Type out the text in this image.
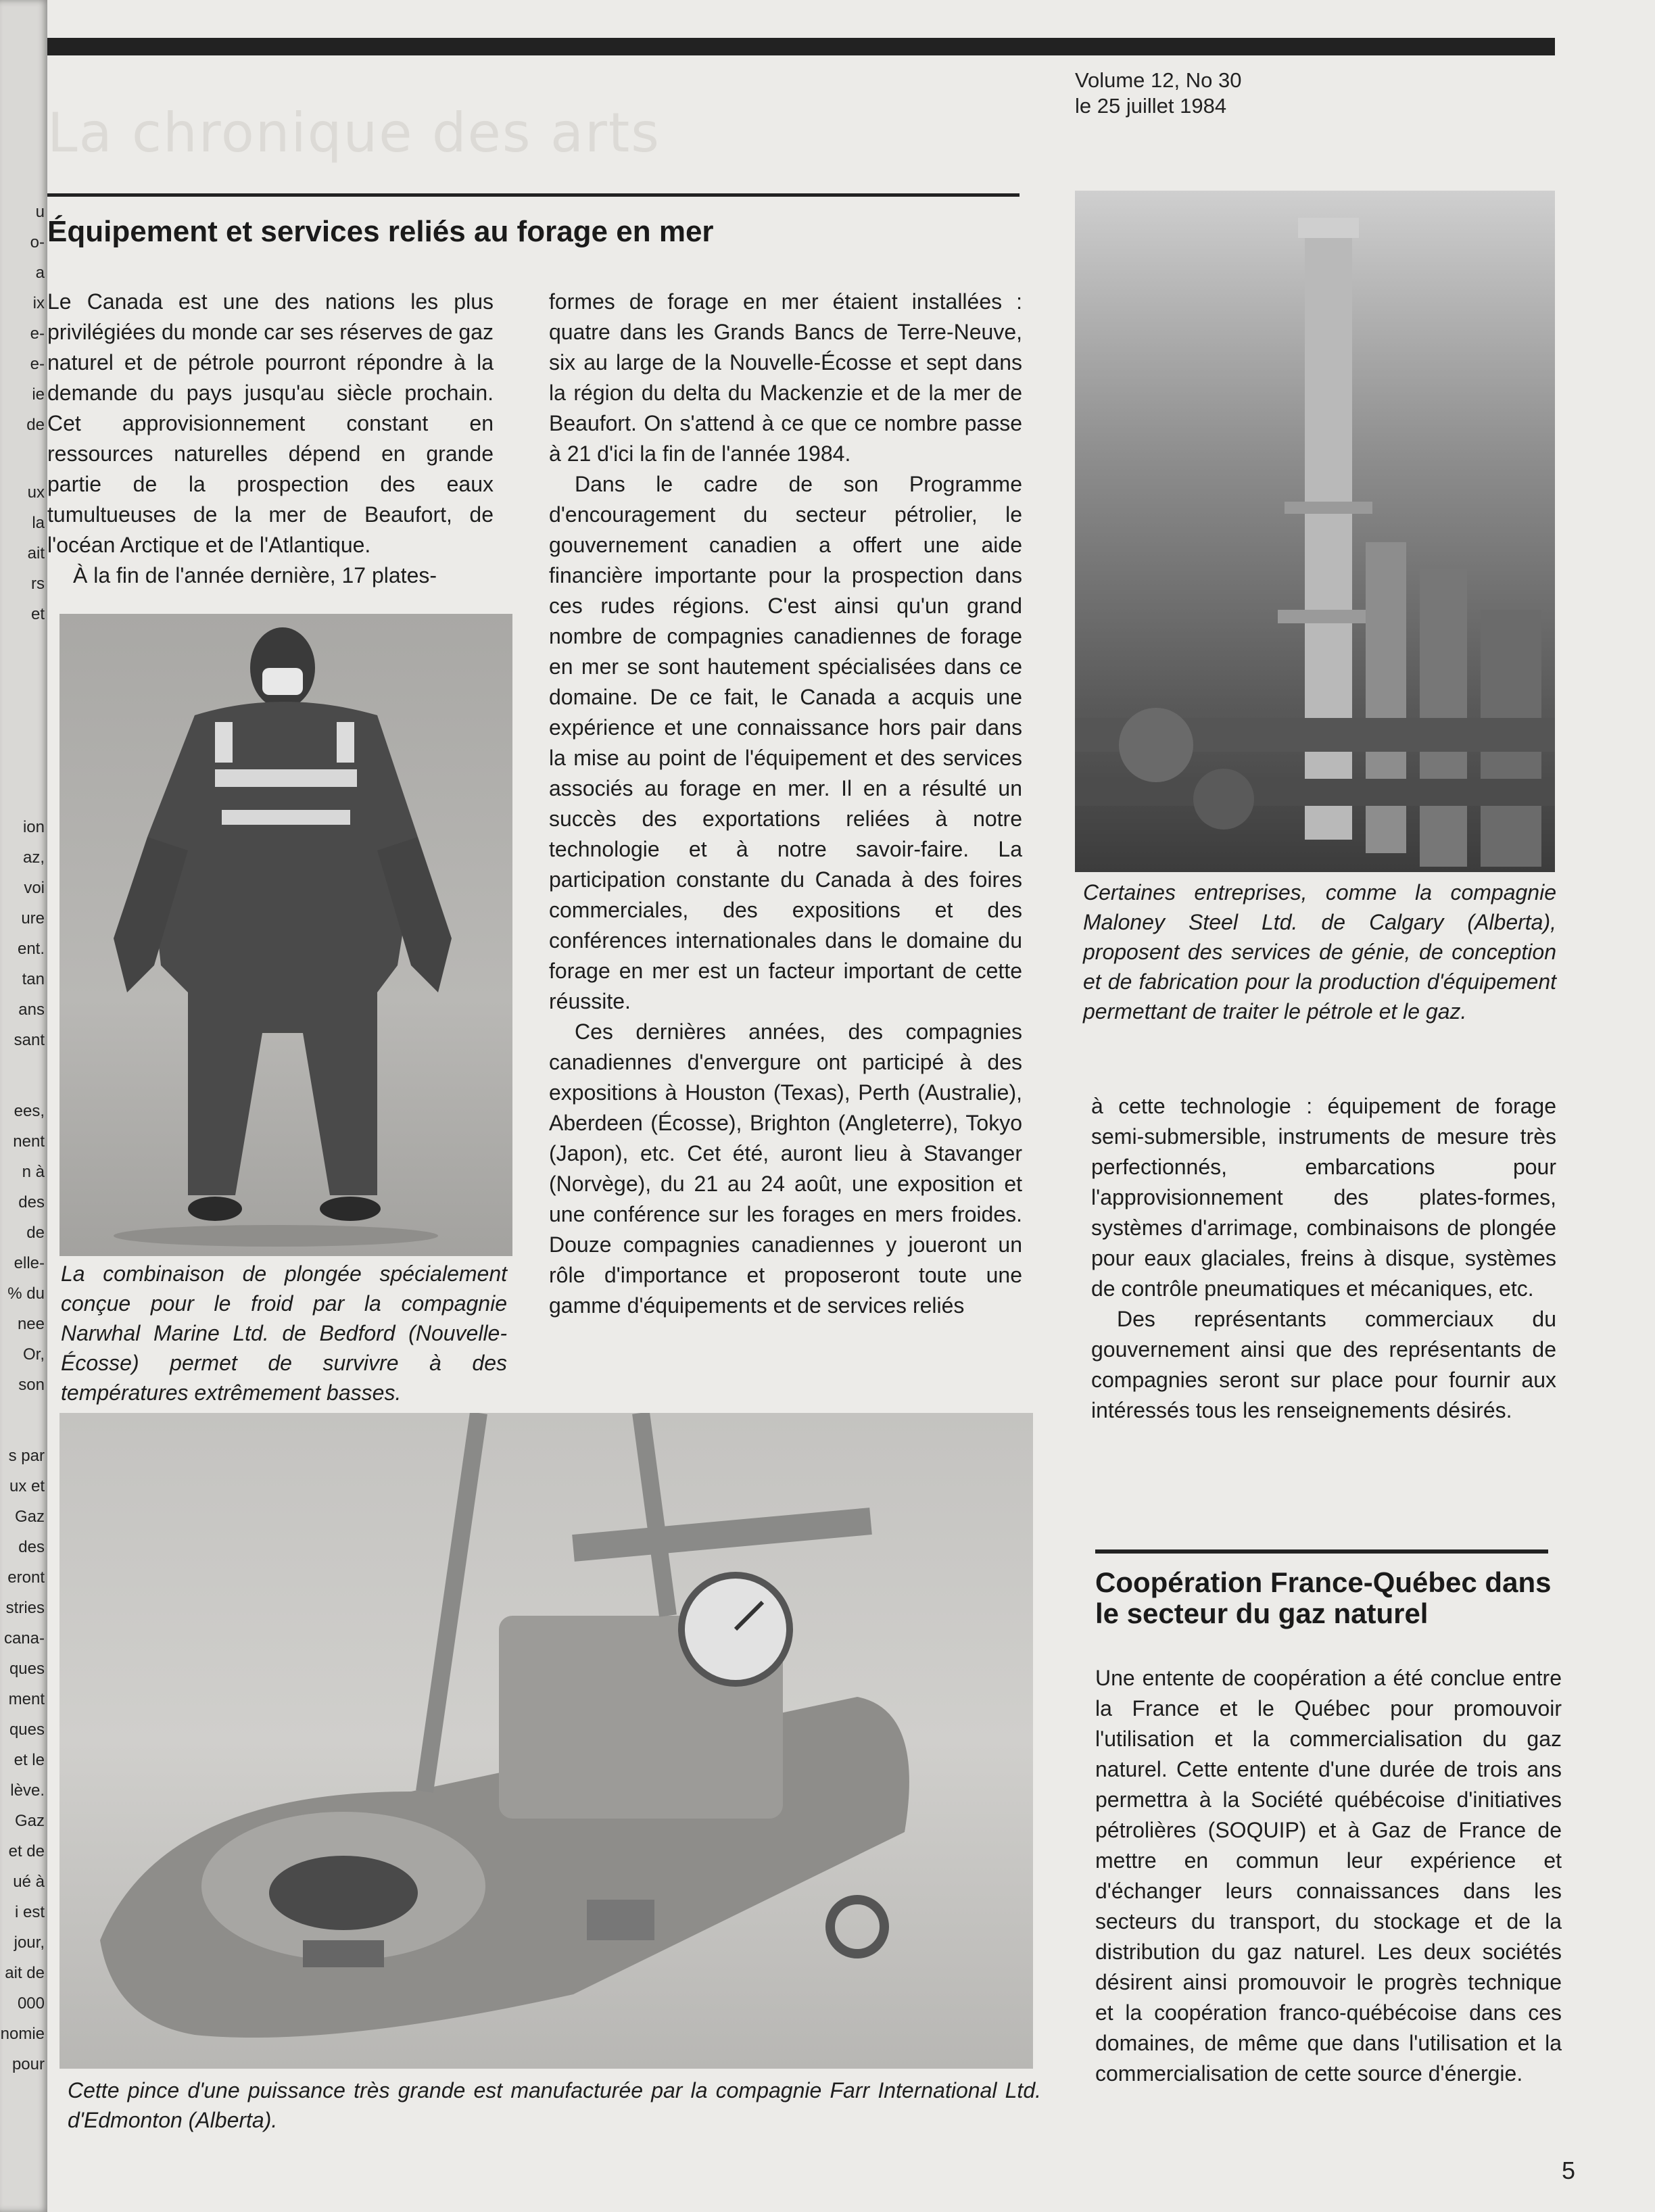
u
o-
a
ix
e-
e-
ie
de
ux
la
ait
rs
et
ion
az,
voi
ure
ent.
tan
ans
sant
ees,
nent
n à
des
de
elle-
% du
nee
Or,
son
s par
ux et
Gaz
des
eront
stries
cana-
ques
ment
ques
et le
lève.
Gaz
et de
ué à
i est
jour,
ait de
000
nomie
pour
La chronique des arts
Volume 12, No 30
le 25 juillet 1984
Équipement et services reliés au forage en mer

Le Canada est une des nations les plus privilégiées du monde car ses réserves de gaz naturel et de pétrole pourront répondre à la demande du pays jusqu'au siècle prochain. Cet approvisionnement constant en ressources naturelles dépend en grande partie de la prospection des eaux tumultueuses de la mer de Beaufort, de l'océan Arctique et de l'Atlantique.

À la fin de l'année dernière, 17 plates-

formes de forage en mer étaient installées : quatre dans les Grands Bancs de Terre-Neuve, six au large de la Nouvelle-Écosse et sept dans la région du delta du Mackenzie et de la mer de Beaufort. On s'attend à ce que ce nombre passe à 21 d'ici la fin de l'année 1984.

Dans le cadre de son Programme d'encouragement du secteur pétrolier, le gouvernement canadien a offert une aide financière importante pour la prospection dans ces rudes régions. C'est ainsi qu'un grand nombre de compagnies canadiennes de forage en mer se sont hautement spécialisées dans ce domaine. De ce fait, le Canada a acquis une expérience et une connaissance hors pair dans la mise au point de l'équipement et des services associés au forage en mer. Il en a résulté un succès des exportations reliées à notre technologie et à notre savoir-faire. La participation constante du Canada à des foires commerciales, des expositions et des conférences internationales dans le domaine du forage en mer est un facteur important de cette réussite.

Ces dernières années, des compagnies canadiennes d'envergure ont participé à des expositions à Houston (Texas), Perth (Australie), Aberdeen (Écosse), Brighton (Angleterre), Tokyo (Japon), etc. Cet été, auront lieu à Stavanger (Norvège), du 21 au 24 août, une exposition et une conférence sur les forages en mers froides. Douze compagnies canadiennes y joueront un rôle d'importance et proposeront toute une gamme d'équipements et de services reliés

La combinaison de plongée spécialement conçue pour le froid par la compagnie Narwhal Marine Ltd. de Bedford (Nouvelle-Écosse) permet de survivre à des températures extrêmement basses.
Certaines entreprises, comme la compagnie Maloney Steel Ltd. de Calgary (Alberta), proposent des services de génie, de conception et de fabrication pour la production d'équipement permettant de traiter le pétrole et le gaz.

à cette technologie : équipement de forage semi-submersible, instruments de mesure très perfectionnés, embarcations pour l'approvisionnement des plates-formes, systèmes d'arrimage, combinaisons de plongée pour eaux glaciales, freins à disque, systèmes de contrôle pneumatiques et mécaniques, etc.

Des représentants commerciaux du gouvernement ainsi que des représentants de compagnies seront sur place pour fournir aux intéressés tous les renseignements désirés.

Cette pince d'une puissance très grande est manufacturée par la compagnie Farr International Ltd. d'Edmonton (Alberta).
Coopération France-Québec dans le secteur du gaz naturel

Une entente de coopération a été conclue entre la France et le Québec pour promouvoir l'utilisation et la commercialisation du gaz naturel. Cette entente d'une durée de trois ans permettra à la Société québécoise d'initiatives pétrolières (SOQUIP) et à Gaz de France de mettre en commun leur expérience et d'échanger leurs connaissances dans les secteurs du transport, du stockage et de la distribution du gaz naturel. Les deux sociétés désirent ainsi promouvoir le progrès technique et la coopération franco-québécoise dans ces domaines, de même que dans l'utilisation et la commercialisation de cette source d'énergie.

5
